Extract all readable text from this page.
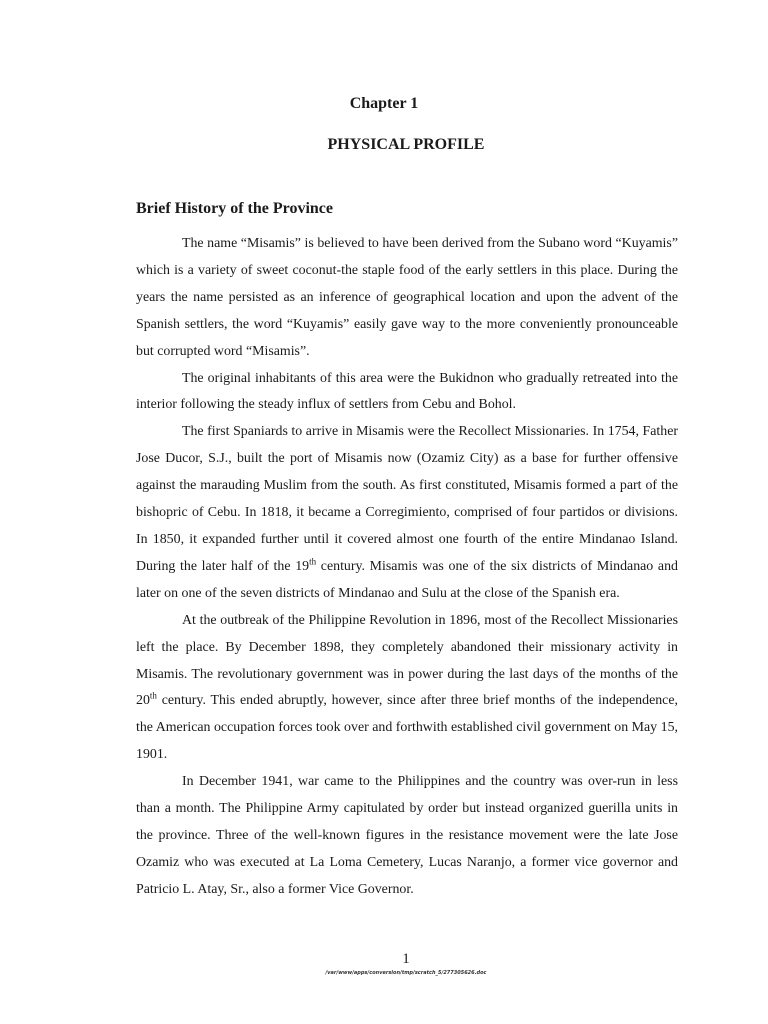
Chapter 1
PHYSICAL PROFILE
Brief History of the Province

The name “Misamis” is believed to have been derived from the Subano word “Kuyamis” which is a variety of sweet coconut-the staple food of the early settlers in this place. During the years the name persisted as an inference of geographical location and upon the advent of the Spanish settlers, the word “Kuyamis” easily gave way to the more conveniently pronounceable but corrupted word “Misamis”.

The original inhabitants of this area were the Bukidnon who gradually retreated into the interior following the steady influx of settlers from Cebu and Bohol.

The first Spaniards to arrive in Misamis were the Recollect Missionaries. In 1754, Father Jose Ducor, S.J., built the port of Misamis now (Ozamiz City) as a base for further offensive against the marauding Muslim from the south. As first constituted, Misamis formed a part of the bishopric of Cebu. In 1818, it became a Corregimiento, comprised of four partidos or divisions. In 1850, it expanded further until it covered almost one fourth of the entire Mindanao Island. During the later half of the 19th century. Misamis was one of the six districts of Mindanao and later on one of the seven districts of Mindanao and Sulu at the close of the Spanish era.

At the outbreak of the Philippine Revolution in 1896, most of the Recollect Missionaries left the place. By December 1898, they completely abandoned their missionary activity in Misamis. The revolutionary government was in power during the last days of the months of the 20th century. This ended abruptly, however, since after three brief months of the independence, the American occupation forces took over and forthwith established civil government on May 15, 1901.

In December 1941, war came to the Philippines and the country was over-run in less than a month. The Philippine Army capitulated by order but instead organized guerilla units in the province. Three of the well-known figures in the resistance movement were the late Jose Ozamiz who was executed at La Loma Cemetery, Lucas Naranjo, a former vice governor and Patricio L. Atay, Sr., also a former Vice Governor.

1
/var/www/apps/conversion/tmp/scratch_5/277305626.doc
